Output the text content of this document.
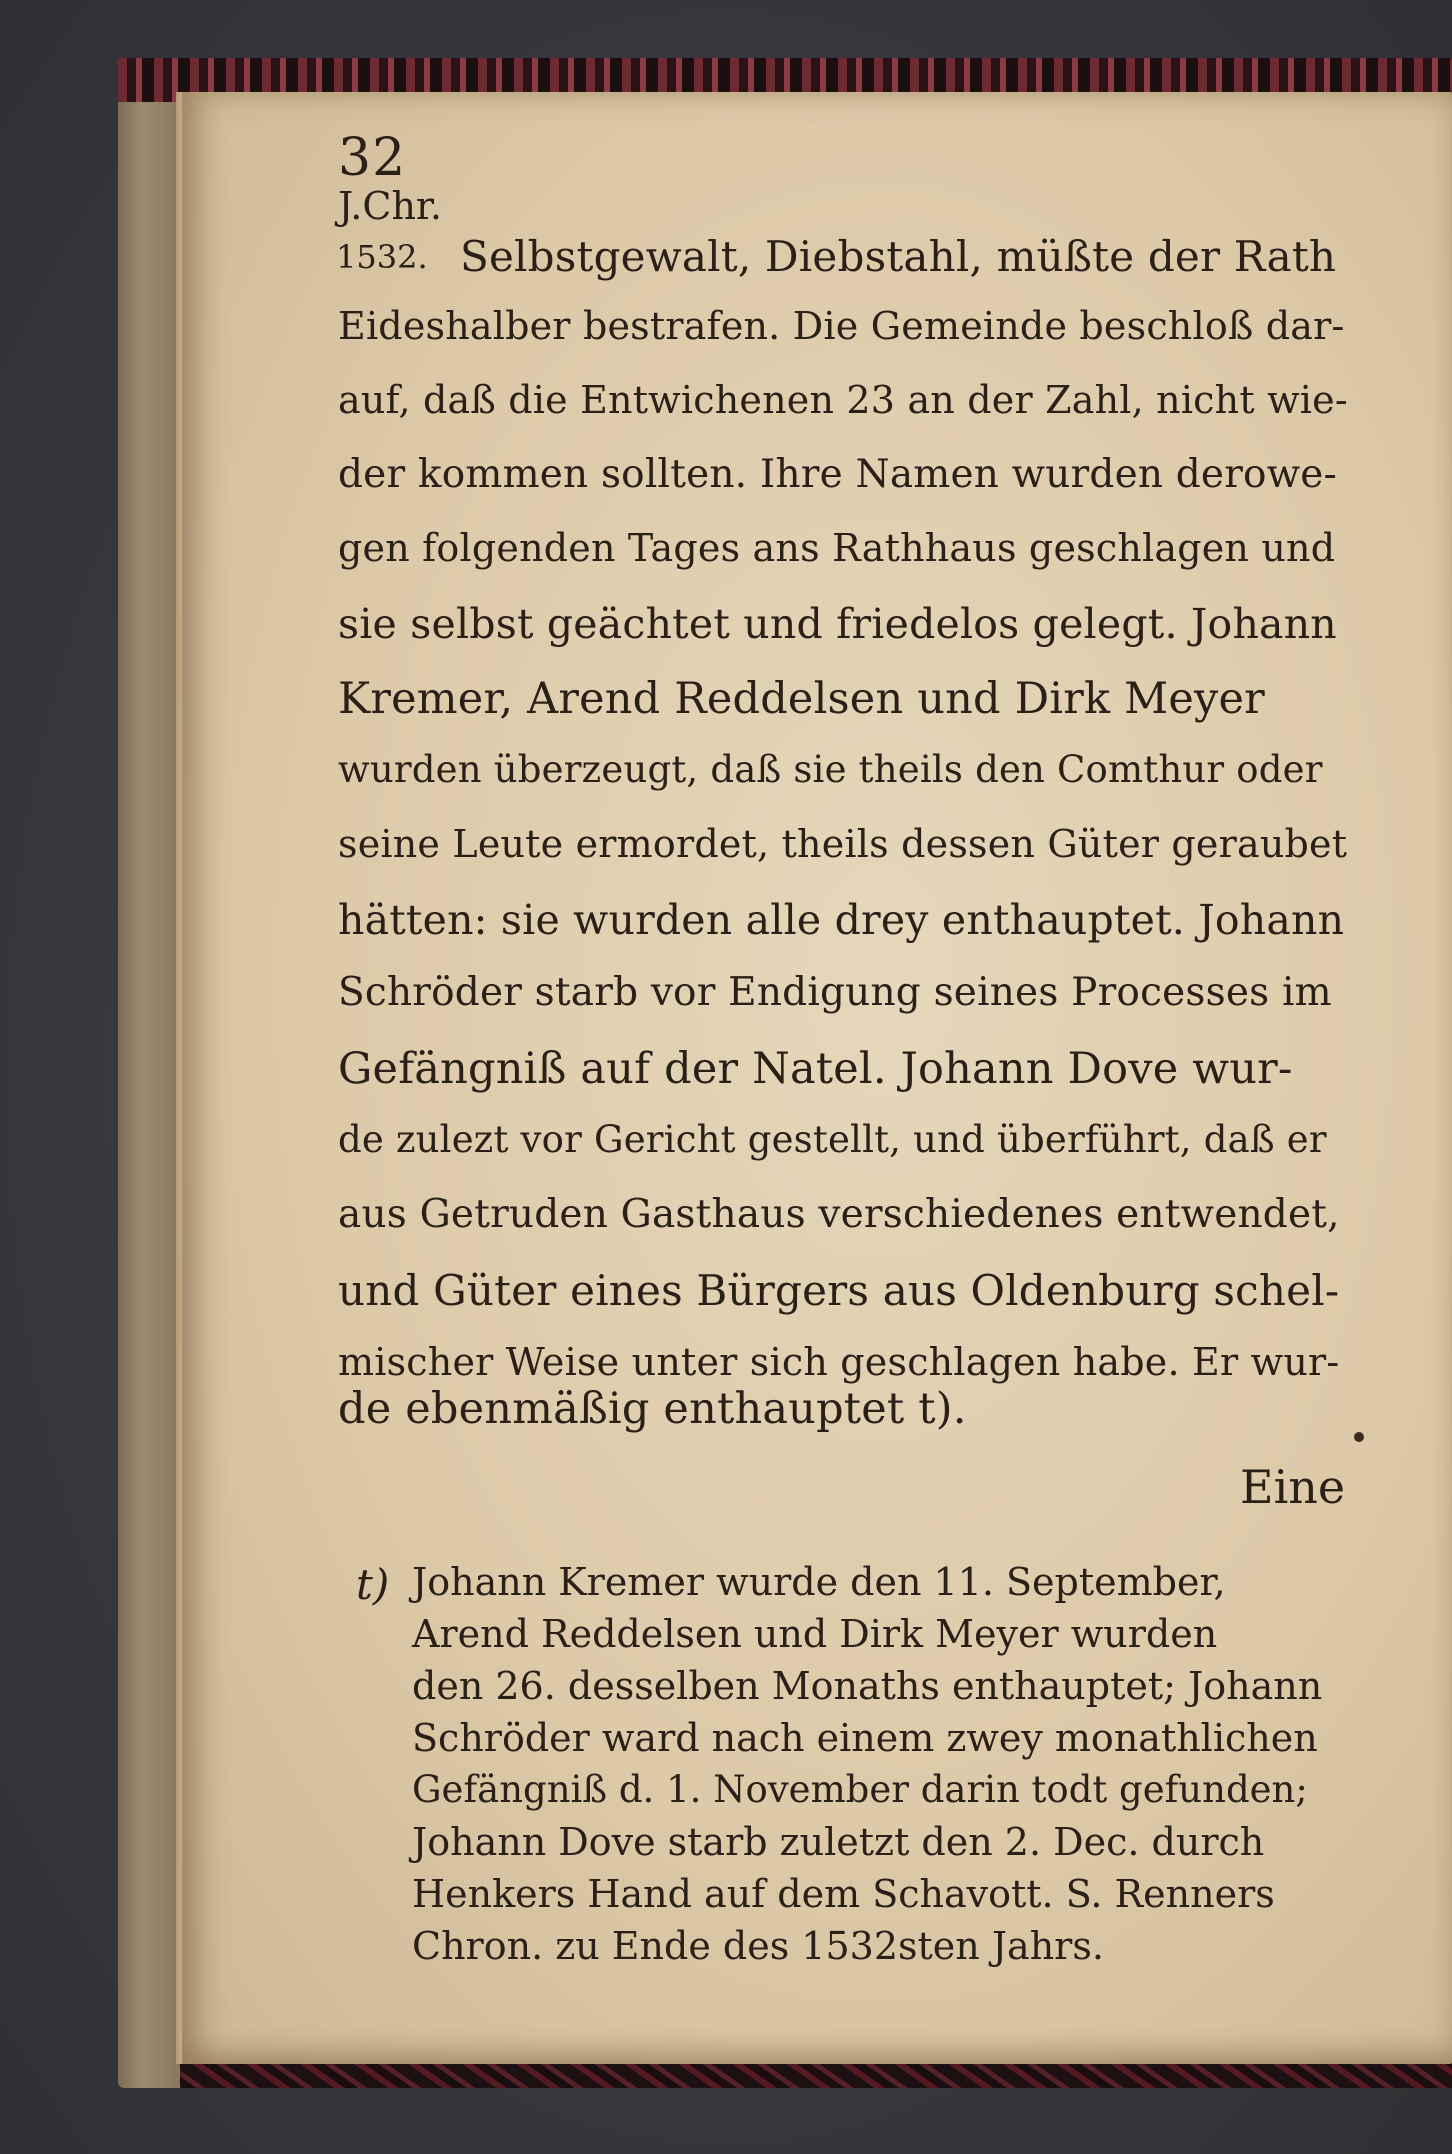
32
J.Chr.
1532. Selbstgewalt, Diebstahl, müßte der Rath
Eideshalber bestrafen. Die Gemeinde beschloß dar-
auf, daß die Entwichenen 23 an der Zahl, nicht wie-
der kommen sollten. Ihre Namen wurden derowe-
gen folgenden Tages ans Rathhaus geschlagen und
sie selbst geächtet und friedelos gelegt. Johann
Kremer, Arend Reddelsen und Dirk Meyer
wurden überzeugt, daß sie theils den Comthur oder
seine Leute ermordet, theils dessen Güter geraubet
hätten: sie wurden alle drey enthauptet. Johann
Schröder starb vor Endigung seines Processes im
Gefängniß auf der Natel. Johann Dove wur-
de zulezt vor Gericht gestellt, und überführt, daß er
aus Getruden Gasthaus verschiedenes entwendet,
und Güter eines Bürgers aus Oldenburg schel-
mischer Weise unter sich geschlagen habe. Er wur-
de ebenmäßig enthauptet t).
Eine
t) Johann Kremer wurde den 11. September,
Arend Reddelsen und Dirk Meyer wurden
den 26. desselben Monaths enthauptet; Johann
Schröder ward nach einem zwey monathlichen
Gefängniß d. 1. November darin todt gefunden;
Johann Dove starb zuletzt den 2. Dec. durch
Henkers Hand auf dem Schavott. S. Renners
Chron. zu Ende des 1532sten Jahrs.
